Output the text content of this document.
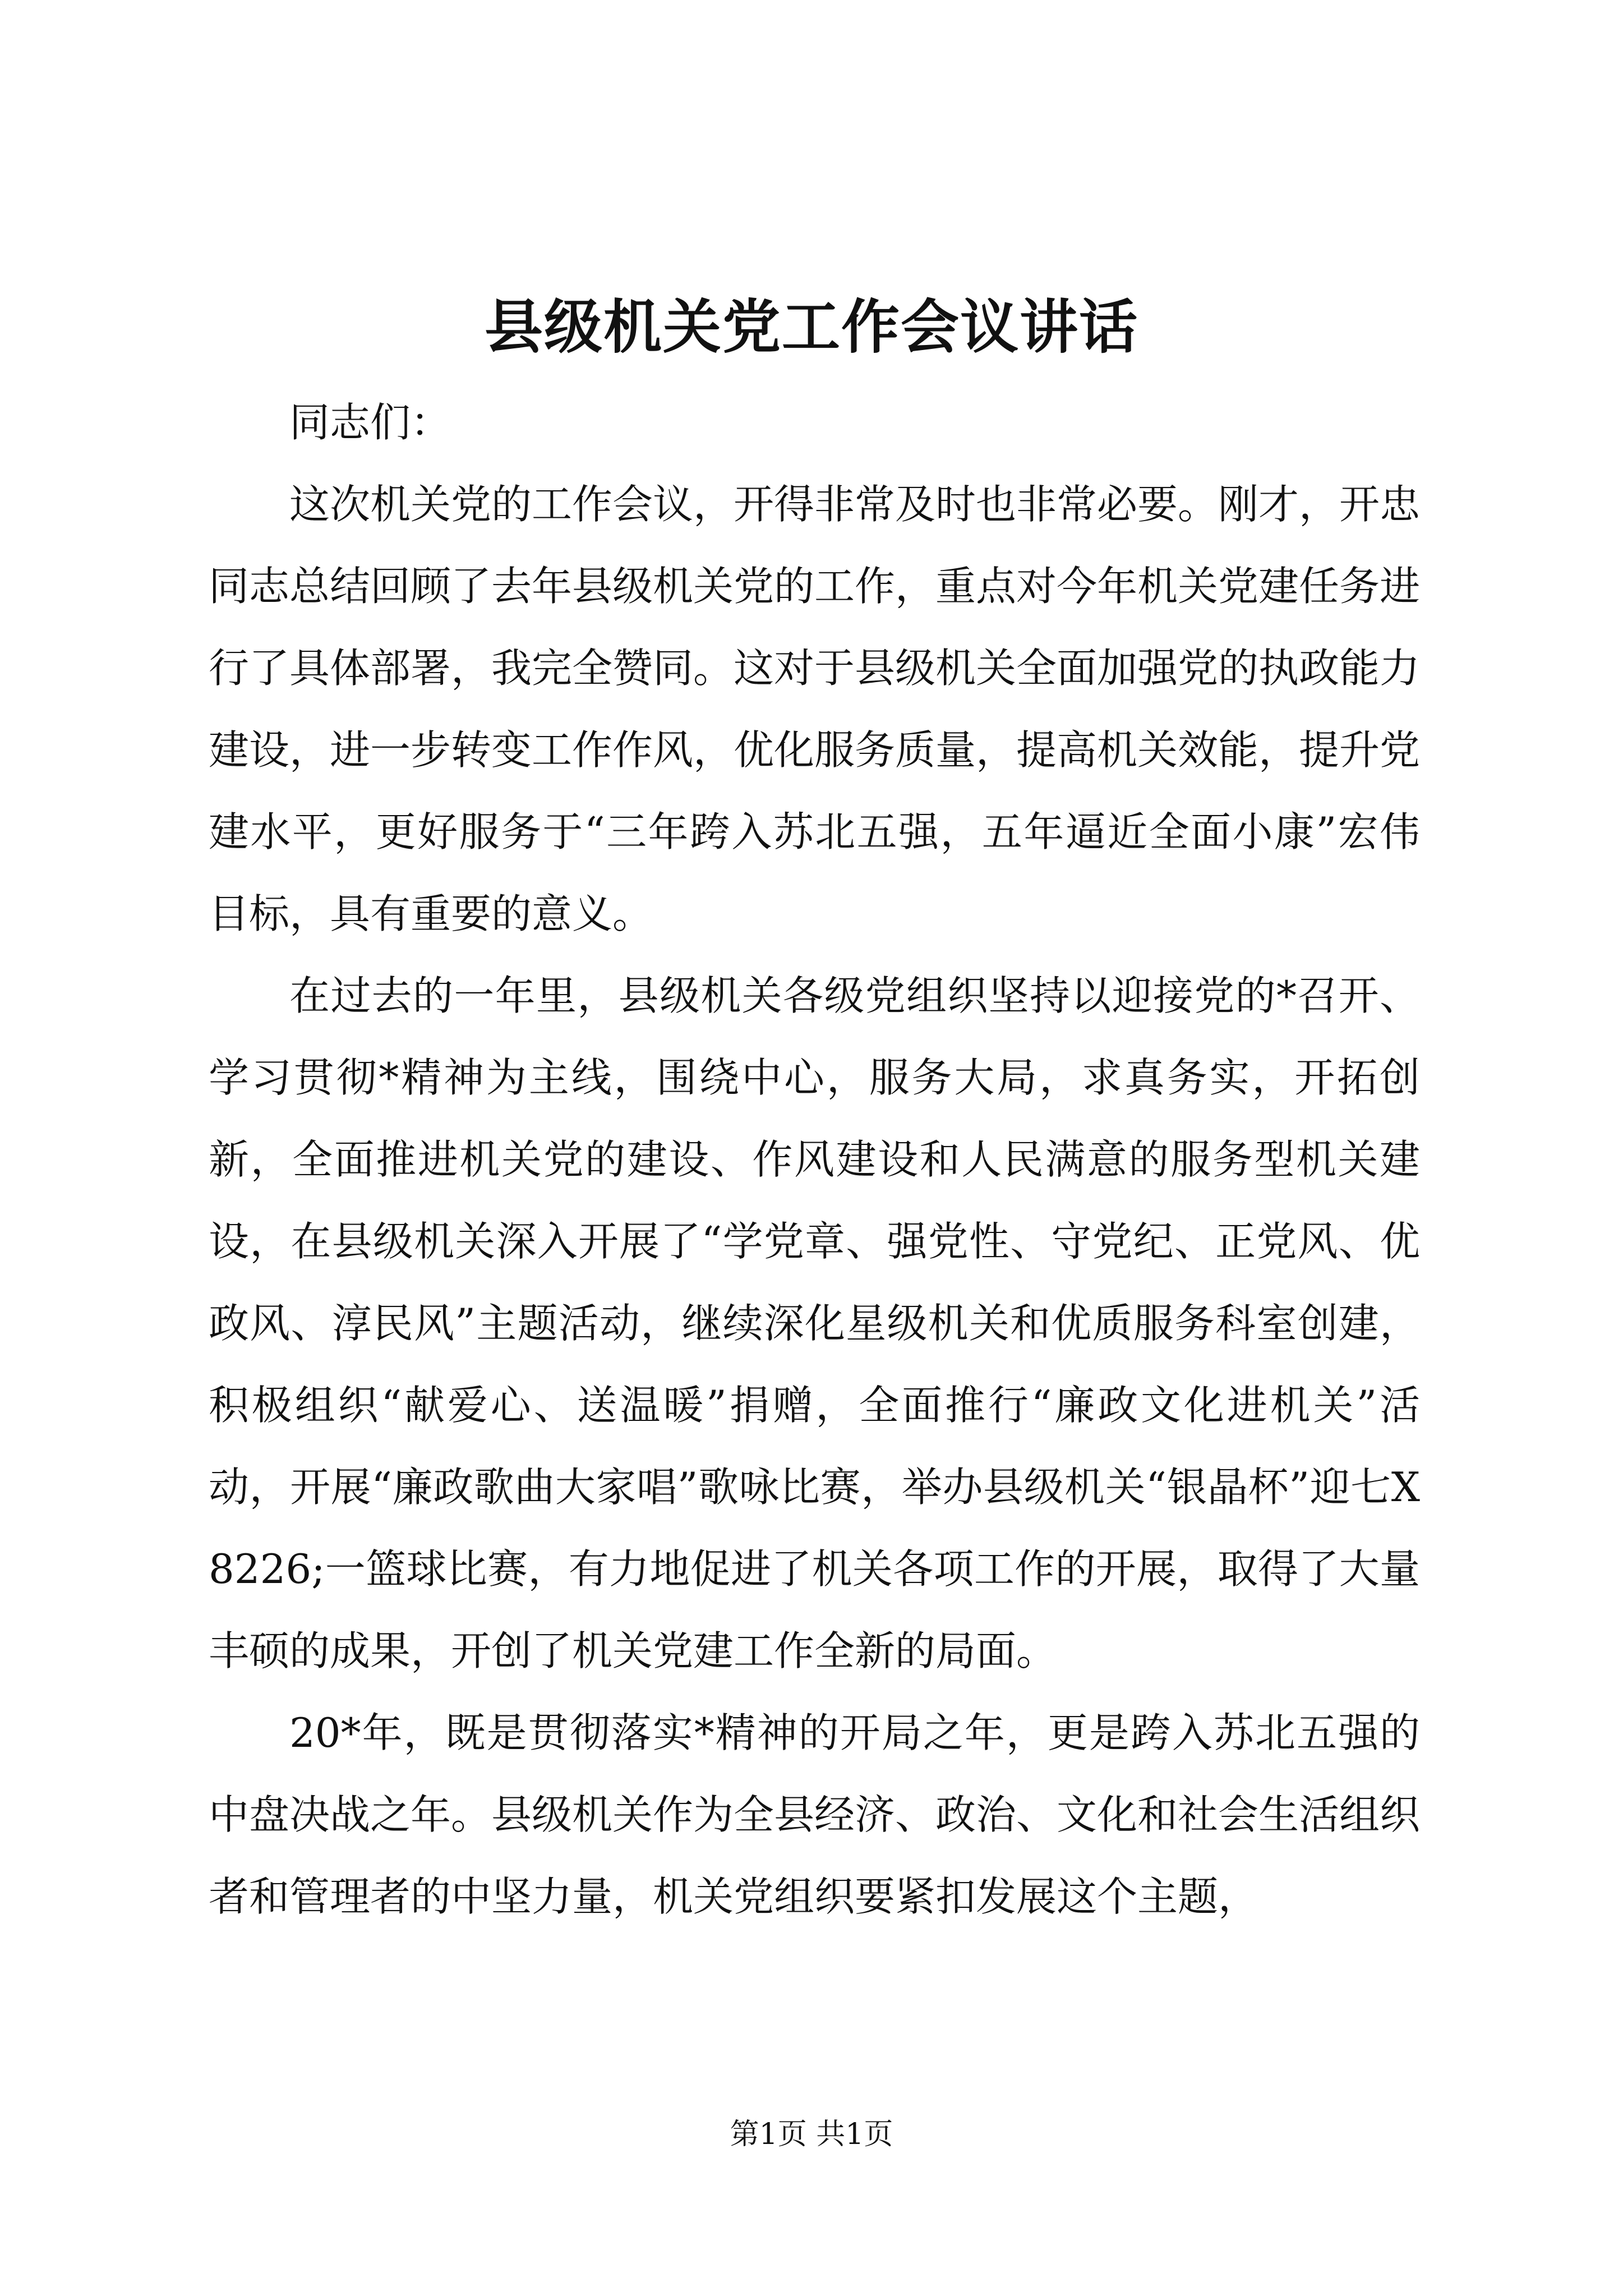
县级机关党工作会议讲话

同志们：

这次机关党的工作会议，开得非常及时也非常必要。刚才，开忠同志总结回顾了去年县级机关党的工作，重点对今年机关党建任务进行了具体部署，我完全赞同。这对于县级机关全面加强党的执政能力建设，进一步转变工作作风，优化服务质量，提高机关效能，提升党建水平，更好服务于“三年跨入苏北五强，五年逼近全面小康”宏伟目标，具有重要的意义。

在过去的一年里，县级机关各级党组织坚持以迎接党的*召开、学习贯彻*精神为主线，围绕中心，服务大局，求真务实，开拓创新，全面推进机关党的建设、作风建设和人民满意的服务型机关建设，在县级机关深入开展了“学党章、强党性、守党纪、正党风、优政风、淳民风”主题活动，继续深化星级机关和优质服务科室创建，积极组织“献爱心、送温暖”捐赠，全面推行“廉政文化进机关”活动，开展“廉政歌曲大家唱”歌咏比赛，举办县级机关“银晶杯”迎七X8226;一篮球比赛，有力地促进了机关各项工作的开展，取得了大量丰硕的成果，开创了机关党建工作全新的局面。

20*年，既是贯彻落实*精神的开局之年，更是跨入苏北五强的中盘决战之年。县级机关作为全县经济、政治、文化和社会生活组织者和管理者的中坚力量，机关党组织要紧扣发展这个主题，

第1页 共1页
